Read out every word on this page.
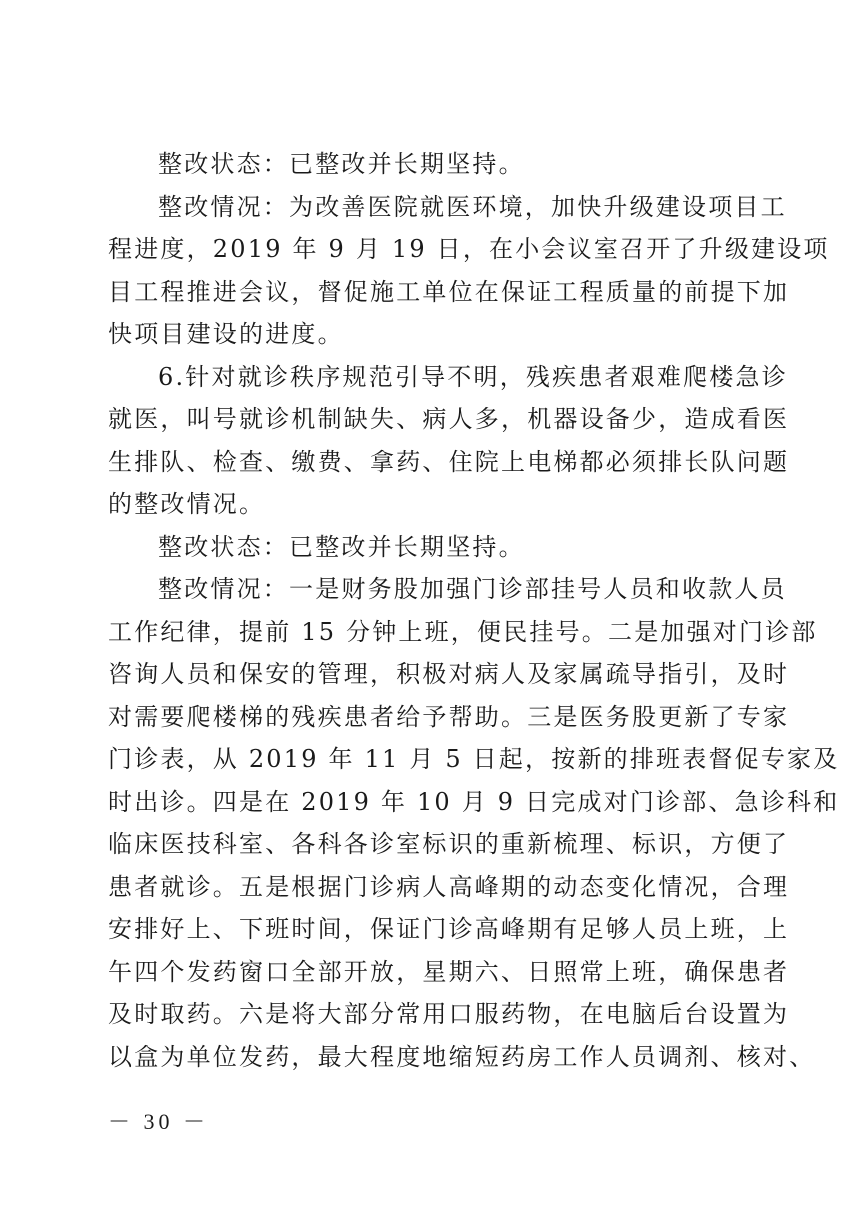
整改状态：已整改并长期坚持。
整改情况：为改善医院就医环境，加快升级建设项目工
程进度，2019 年 9 月 19 日，在小会议室召开了升级建设项
目工程推进会议，督促施工单位在保证工程质量的前提下加
快项目建设的进度。
6.针对就诊秩序规范引导不明，残疾患者艰难爬楼急诊
就医，叫号就诊机制缺失、病人多，机器设备少，造成看医
生排队、检查、缴费、拿药、住院上电梯都必须排长队问题
的整改情况。
整改状态：已整改并长期坚持。
整改情况：一是财务股加强门诊部挂号人员和收款人员
工作纪律，提前 15 分钟上班，便民挂号。二是加强对门诊部
咨询人员和保安的管理，积极对病人及家属疏导指引，及时
对需要爬楼梯的残疾患者给予帮助。三是医务股更新了专家
门诊表，从 2019 年 11 月 5 日起，按新的排班表督促专家及
时出诊。四是在 2019 年 10 月 9 日完成对门诊部、急诊科和
临床医技科室、各科各诊室标识的重新梳理、标识，方便了
患者就诊。五是根据门诊病人高峰期的动态变化情况，合理
安排好上、下班时间，保证门诊高峰期有足够人员上班，上
午四个发药窗口全部开放，星期六、日照常上班，确保患者
及时取药。六是将大部分常用口服药物，在电脑后台设置为
以盒为单位发药，最大程度地缩短药房工作人员调剂、核对、

－ 30 －
